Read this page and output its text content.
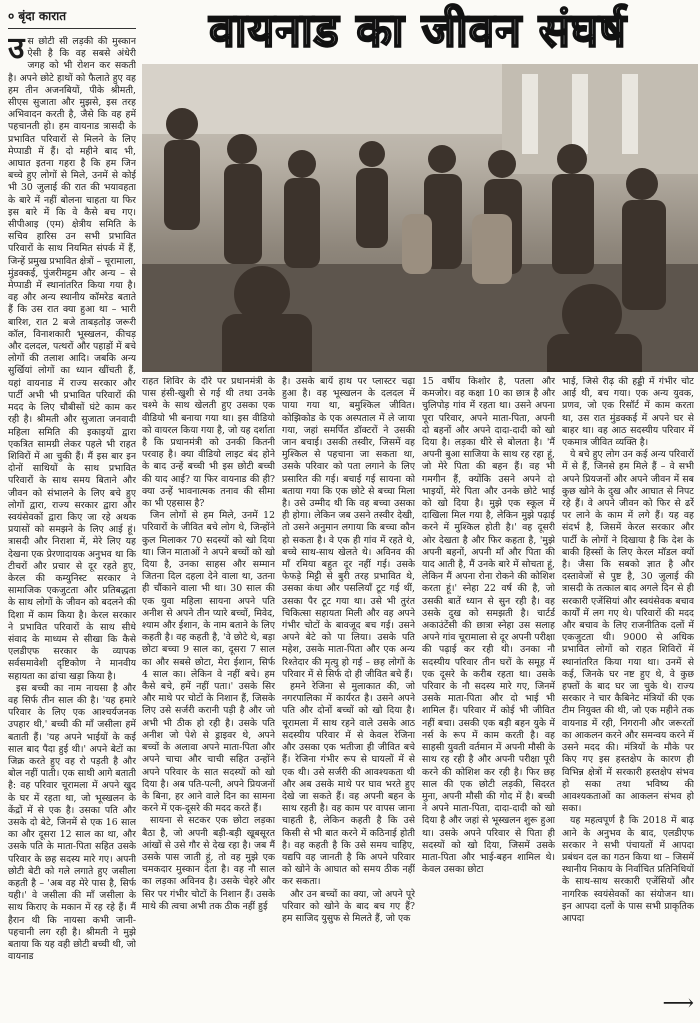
० बृंदा कारात	वायनाड का जीवन संघर्ष

उस छोटी सी लड़की की मुस्कान ऐसी है कि वह सबसे अंधेरी जगह को भी रोशन कर सकती है। अपने छोटे हाथों को फैलाते हुए वह हम तीन अजनबियों, पीके श्रीमती, सीएस सुजाता और मुझसे, इस तरह अभिवादन करती है, जैसे कि वह हमें पहचानती हो। हम वायनाड त्रासदी के प्रभावित परिवारों से मिलने के लिए मेप्पाडी में हैं। दो महीने बाद भी, आघात इतना गहरा है कि हम जिन बच्चे हुए लोगों से मिले, उनमें से कोई भी 30 जुलाई की रात की भयावहता के बारे में नहीं बोलना चाहता या फिर इस बारे में कि वे कैसे बच गए। सीपीआइ (एम) क्षेत्रीय समिति के सचिव हारिस उन सभी प्रभावित परिवारों के साथ नियमित संपर्क में हैं, जिन्हें प्रमुख प्रभावित क्षेत्रों – चूरामाला, मुंडक्कई, पुंजरीमट्टम और अन्य – से मेप्पाडी में स्थानांतरित किया गया है। वह और अन्य स्थानीय कॉमरेड बताते हैं कि उस रात क्या हुआ था – भारी बारिश, रात 2 बजे ताबड़तोड़ जरूरी कॉल, विनाशकारी भूस्खलन, कीचड़ और दलदल, पत्थरों और पहाड़ों में बचे लोगों की तलाश आदि। जबकि अन्य सुर्खियां लोगों का ध्यान खींचती हैं, यहां वायनाड में राज्य सरकार और पार्टी अभी भी प्रभावित परिवारों की मदद के लिए चौबीसों घंटे काम कर रही है। श्रीमती और सुजाता जनवादी महिला समिति की इकाइयों द्वारा एकत्रित सामग्री लेकर पहले भी राहत शिविरों में आ चुकी हैं। मैं इस बार इन दोनों साथियों के साथ प्रभावित परिवारों के साथ समय बिताने और जीवन को संभालने के लिए बचे हुए लोगों द्वारा, राज्य सरकार द्वारा और स्वयंसेवकों द्वारा किए जा रहे अथक प्रयासों को समझने के लिए आई हूं। त्रासदी और निराशा में, मेरे लिए यह देखना एक प्रेरणादायक अनुभव था कि टीचरों और प्रचार से दूर रहते हुए, केरल की कम्युनिस्ट सरकार ने सामाजिक एकजुटता और प्रतिबद्धता के साथ लोगों के जीवन को बदलने की दिशा में काम किया है। केरल सरकार ने प्रभावित परिवारों के साथ सीधे संवाद के माध्यम से सीखा कि कैसे एलडीएफ सरकार के व्यापक सर्वसमावेशी दृष्टिकोण ने मानवीय सहायता का ढांचा खड़ा किया है।

इस बच्ची का नाम नायसा है और वह सिर्फ तीन साल की है। 'यह हमारे परिवार के लिए एक आश्चर्यजनक उपहार थी,' बच्ची की माँ जसीला हमें बताती हैं। 'यह अपने भाईयों के कई साल बाद पैदा हुई थी।' अपने बेटों का जिक्र करते हुए वह रो पड़ती है और बोल नहीं पाती। एक साथी आगे बताती है: वह परिवार चूरामला में अपने खुद के घर में रहता था, जो भूस्खलन के केंद्रों में से एक है। उसका पति और उसके दो बेटे, जिनमें से एक 16 साल का और दूसरा 12 साल का था, और उसके पति के माता-पिता सहित उसके परिवार के छह सदस्य मारे गए। अपनी छोटी बेटी को गले लगाते हुए जसीला कहती है – 'अब वह मेरे पास है, सिर्फ यही।' वे जसीला की माँ जसीला के साथ किराए के मकान में रह रहे हैं। मैं हैरान थी कि नायसा कभी जानी-पहचानी लग रही है। श्रीमती ने मुझे बताया कि यह वही छोटी बच्ची थी, जो वायनाड

राहत शिविर के दौरे पर प्रधानमंत्री के पास हंसी-खुशी से गई थी तथा उनके चश्मे के साथ खेलती हुए उसका एक वीडियो भी बनाया गया था। इस वीडियो को वायरल किया गया है, जो यह दर्शाता है कि प्रधानमंत्री को उनकी कितनी परवाह है। क्या वीडियो लाइट बंद होने के बाद उन्हें बच्ची भी इस छोटी बच्ची की याद आई? या फिर वायनाड की ही? क्या उन्हें भावनात्मक तनाव की सीमा का भी एहसास है?

जिन लोगों से हम मिले, उनमें 12 परिवारों के जीवित बचे लोग थे, जिन्होंने कुल मिलाकर 70 सदस्यों को खो दिया था। जिन माताओं ने अपने बच्चों को खो दिया है, उनका साहस और सम्मान जितना दिल दहला देने वाला था, उतना ही चौंकाने वाला भी था। 30 साल की एक युवा महिला सायना अपने पति अनीश से अपने तीन प्यारे बच्चों, मिवेद, श्याम और ईशान, के नाम बताने के लिए कहती है। वह कहती है, 'वे छोटे थे, बड़ा छोटा बच्चा 9 साल का, दूसरा 7 साल का और सबसे छोटा, मेरा ईशान, सिर्फ 4 साल का। लेकिन वे नहीं बचे। हम कैसे बचे, हमें नहीं पता।' उसके सिर और माथे पर चोटों के निशान हैं, जिसके लिए उसे सर्जरी करानी पड़ी है और जो अभी भी ठीक हो रही है। उसके पति अनीश जो पेशे से ड्राइवर थे, अपने बच्चों के अलावा अपने माता-पिता और अपने चाचा और चाची सहित उन्होंने अपने परिवार के सात सदस्यों को खो दिया है। अब पति-पत्नी, अपने प्रियजनों के बिना, हर आने वाले दिन का सामना करने में एक-दूसरे की मदद करते हैं।

सायना से सटकर एक छोटा लड़का बैठा है, जो अपनी बड़ी-बड़ी खूबसूरत आंखों से उसे गौर से देख रहा है। जब मैं उसके पास जाती हूं, तो वह मुझे एक चमकदार मुस्कान देता है। वह नौ साल का लड़का अविनव है। उसके चेहरे और सिर पर गंभीर चोटों के निशान हैं। उसके माथे की त्वचा अभी तक ठीक नहीं हुई

है। उसके बायें हाथ पर प्लास्टर चढ़ा हुआ है। वह भूस्खलन के दलदल में पाया गया था, बमुश्किल जीवित। कोझिकोड के एक अस्पताल में ले जाया गया, जहां समर्पित डॉक्टरों ने उसकी जान बचाई। उसकी तस्वीर, जिसमें वह मुश्किल से पहचाना जा सकता था, उसके परिवार को पता लगाने के लिए प्रसारित की गई। बचाई गई सायना को बताया गया कि एक छोटे से बच्चा मिला है। उसे उम्मीद थी कि वह बच्चा उसका ही होगा। लेकिन जब उसने तस्वीर देखी, तो उसने अनुमान लगाया कि बच्चा कौन हो सकता है। वे एक ही गांव में रहते थे, बच्चे साथ-साथ खेलते थे। अविनव की माँ रमिया बहुत दूर नहीं गई। उसके फेफड़े मिट्टी से बुरी तरह प्रभावित थे, उसका कंधा और पसलियाँ टूट गई थीं, उसका पैर टूट गया था। उसे भी तुरंत चिकित्सा सहायता मिली और वह अपने गंभीर चोटों के बावजूद बच गई। उसने अपने बेटे को पा लिया। उसके पति महेश, उसके माता-पिता और एक अन्य रिश्तेदार की मृत्यु हो गई – छह लोगों के परिवार में से सिर्फ दो ही जीवित बचे हैं।

हमने रेजिना से मुलाकात की, जो नगरपालिका में कार्यरत है। उसने अपने पति और दोनों बच्चों को खो दिया है। चूरामला में साथ रहने वाले उसके आठ सदस्यीय परिवार में से केवल रेजिना और उसका एक भतीजा ही जीवित बचे हैं। रेजिना गंभीर रूप से घायलों में से एक थी। उसे सर्जरी की आवश्यकता थी और अब उसके माथे पर घाव भरते हुए देखे जा सकते हैं। वह अपनी बहन के साथ रहती है। वह काम पर वापस जाना चाहती है, लेकिन कहती है कि उसे किसी से भी बात करने में कठिनाई होती है। वह कहती है कि उसे समय चाहिए, यद्यपि वह जानती है कि अपने परिवार को खोने के आघात को समय ठीक नहीं कर सकता।

और उन बच्चों का क्या, जो अपने पूरे परिवार को खोने के बाद बच गए हैं? हम साजिद युसुफ से मिलते हैं, जो एक

15 वर्षीय किशोर है, पतला और कमजोर। वह कक्षा 10 का छात्र है और चुलिपोड़ गांव में रहता था। उसने अपना पूरा परिवार, अपने माता-पिता, अपनी दो बहनों और अपने दादा-दादी को खो दिया है। लड़का धीरे से बोलता है। 'मैं अपनी बुआ साजिया के साथ रह रहा हूं, जो मेरे पिता की बहन हैं। वह भी गमगीन हैं, क्योंकि उसने अपने दो भाइयों, मेरे पिता और उनके छोटे भाई को खो दिया है। मुझे एक स्कूल में दाखिला मिल गया है, लेकिन मुझे पढ़ाई करने में मुश्किल होती है।' वह दूसरी ओर देखता है और फिर कहता है, 'मुझे अपनी बहनों, अपनी माँ और पिता की याद आती है, मैं उनके बारे में सोचता हूं, लेकिन मैं अपना रोना रोकने की कोशिश करता हूं।' स्नेहा 22 वर्ष की है, जो उसकी बातें ध्यान से सुन रही है। वह उसके दुख को समझती है। चार्टर्ड अकाउंटेंसी की छात्रा स्नेहा उस सलाह अपने गांव चूरामाला से दूर अपनी परीक्षा की पढ़ाई कर रही थी। उनका नौ सदस्यीय परिवार तीन घरों के समूह में एक दूसरे के करीब रहता था। उसके परिवार के नौ सदस्य मारे गए, जिनमें उसके माता-पिता और दो भाई भी शामिल हैं। परिवार में कोई भी जीवित नहीं बचा। उसकी एक बड़ी बहन युके में नर्स के रूप में काम करती है। वह साहसी युवती वर्तमान में अपनी मौसी के साथ रह रही है और अपनी परीक्षा पूरी करने की कोशिश कर रही है। फिर छह साल की एक छोटी लड़की, सिदरत मुना, अपनी मौसी की गोद में है। बच्ची ने अपने माता-पिता, दादा-दादी को खो दिया है और जहां से भूस्खलन शुरू हुआ था। उसके अपने परिवार से पिता ही सदस्यों को खो दिया, जिसमें उसके माता-पिता और भाई-बहन शामिल थे। केवल उसका छोटा

भाई, जिसे रीढ़ की हड्डी में गंभीर चोट आई थी, बच गया। एक अन्य युवक, प्रणव, जो एक रिसॉर्ट में काम करता था, उस रात मुंडक्कई में अपने घर से बाहर था। वह आठ सदस्यीय परिवार में एकमात्र जीवित व्यक्ति है।

ये बचे हुए लोग उन कई अन्य परिवारों में से हैं, जिनसे हम मिले हैं – वे सभी अपने प्रियजनों और अपने जीवन में सब कुछ खोने के दुख और आघात से निपट रहे हैं। वे अपने जीवन को फिर से ढर्रे पर लाने के काम में लगे हैं। यह वह संदर्भ है, जिसमें केरल सरकार और पार्टी के लोगों ने दिखाया है कि देश के बाकी हिस्सों के लिए केरल मॉडल क्यों है। जैसा कि सबको ज्ञात है और दस्तावेजों से पुष्ट है, 30 जुलाई की त्रासदी के तत्काल बाद अगले दिन से ही सरकारी एजेंसियां और स्वयंसेवक बचाव कार्यों में लग गए थे। परिवारों की मदद और बचाव के लिए राजनीतिक दलों में एकजुटता थी। 9000 से अधिक प्रभावित लोगों को राहत शिविरों में स्थानांतरित किया गया था। उनमें से कई, जिनके घर नष्ट हुए थे, वे कुछ हफ्तों के बाद घर जा चुके थे। राज्य सरकार ने चार कैबिनेट मंत्रियों की एक टीम नियुक्त की थी, जो एक महीने तक वायनाड में रही, निगरानी और जरूरतों का आकलन करने और समन्वय करने में उसने मदद की। मंत्रियों के मौके पर किए गए इस हस्तक्षेप के कारण ही विभिन्न क्षेत्रों में सरकारी हस्तक्षेप संभव हो सका तथा भविष्य की आवश्यकताओं का आकलन संभव हो सका।

यह महत्वपूर्ण है कि 2018 में बाढ़ आने के अनुभव के बाद, एलडीएफ सरकार ने सभी पंचायतों में आपदा प्रबंधन दल का गठन किया था – जिसमें स्थानीय निकाय के निर्वाचित प्रतिनिधियों के साथ-साथ सरकारी एजेंसियों और नागरिक स्वयंसेवकों का संयोजन था। इन आपदा दलों के पास सभी प्राकृतिक आपदा

⟶
